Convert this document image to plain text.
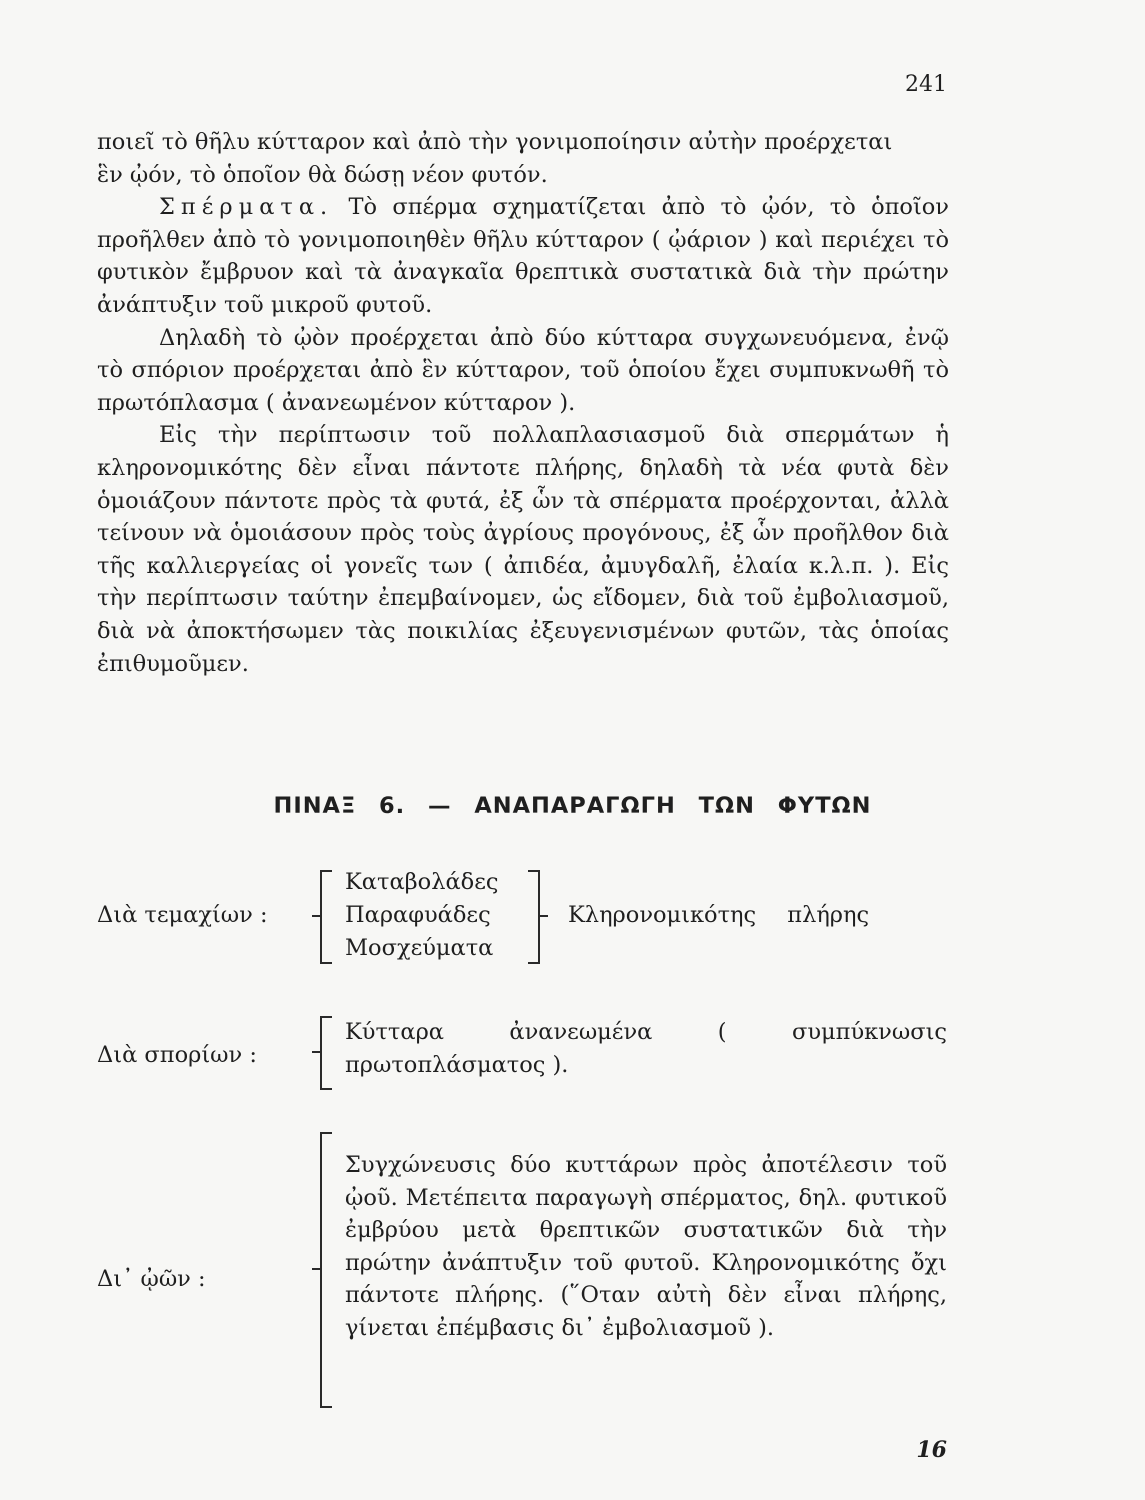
241

ποιεῖ τὸ θῆλυ κύτταρον καὶ ἀπὸ τὴν γονιμοποίησιν αὐτὴν προέρχεται
ἓν ᾠόν, τὸ ὁποῖον θὰ δώσῃ νέον φυτόν.

Σπέρματα. Τὸ σπέρμα σχηματίζεται ἀπὸ τὸ ᾠόν, τὸ ὁποῖον προῆλθεν ἀπὸ τὸ γονιμοποιηθὲν θῆλυ κύτταρον ( ᾠάριον ) καὶ περιέχει τὸ φυτικὸν ἔμβρυον καὶ τὰ ἀναγκαῖα θρεπτικὰ συστατικὰ διὰ τὴν πρώτην ἀνάπτυξιν τοῦ μικροῦ φυτοῦ.

Δηλαδὴ τὸ ᾠὸν προέρχεται ἀπὸ δύο κύτταρα συγχωνευόμενα, ἐνῷ τὸ σπόριον προέρχεται ἀπὸ ἓν κύτταρον, τοῦ ὁποίου ἔχει συμπυκνωθῆ τὸ πρωτόπλασμα ( ἀνανεωμένον κύτταρον ).

Εἰς τὴν περίπτωσιν τοῦ πολλαπλασιασμοῦ διὰ σπερμάτων ἡ κληρονομικότης δὲν εἶναι πάντοτε πλήρης, δηλαδὴ τὰ νέα φυτὰ δὲν ὁμοιάζουν πάντοτε πρὸς τὰ φυτά, ἐξ ὧν τὰ σπέρματα προέρχονται, ἀλλὰ τείνουν νὰ ὁμοιάσουν πρὸς τοὺς ἀγρίους προγόνους, ἐξ ὧν προῆλθον διὰ τῆς καλλιεργείας οἱ γονεῖς των ( ἀπιδέα, ἀμυγδαλῆ, ἐλαία κ.λ.π. ). Εἰς τὴν περίπτωσιν ταύτην ἐπεμβαίνομεν, ὡς εἴδομεν, διὰ τοῦ ἐμβολιασμοῦ, διὰ νὰ ἀποκτήσωμεν τὰς ποικιλίας ἐξευγενισμένων φυτῶν, τὰς ὁποίας ἐπιθυμοῦμεν.

ΠΙΝΑΞ 6. — ΑΝΑΠΑΡΑΓΩΓΗ ΤΩΝ ΦΥΤΩΝ
Διὰ τεμαχίων :
Καταβολάδες
Παραφυάδες
Μοσχεύματα
Κληρονομικότης πλήρης
Διὰ σπορίων :
Κύτταρα ἀνανεωμένα ( συμπύκνωσις πρωτοπλάσματος ).
Δι᾽ ᾠῶν :
Συγχώνευσις δύο κυττάρων πρὸς ἀποτέλεσιν τοῦ ᾠοῦ. Μετέπειτα παραγωγὴ σπέρματος, δηλ. φυτικοῦ ἐμβρύου μετὰ θρεπτικῶν συστατικῶν διὰ τὴν πρώτην ἀνάπτυξιν τοῦ φυτοῦ. Κληρονομικότης ὄχι πάντοτε πλήρης. (῞Οταν αὐτὴ δὲν εἶναι πλήρης, γίνεται ἐπέμβασις δι᾽ ἐμβολιασμοῦ ).
16
